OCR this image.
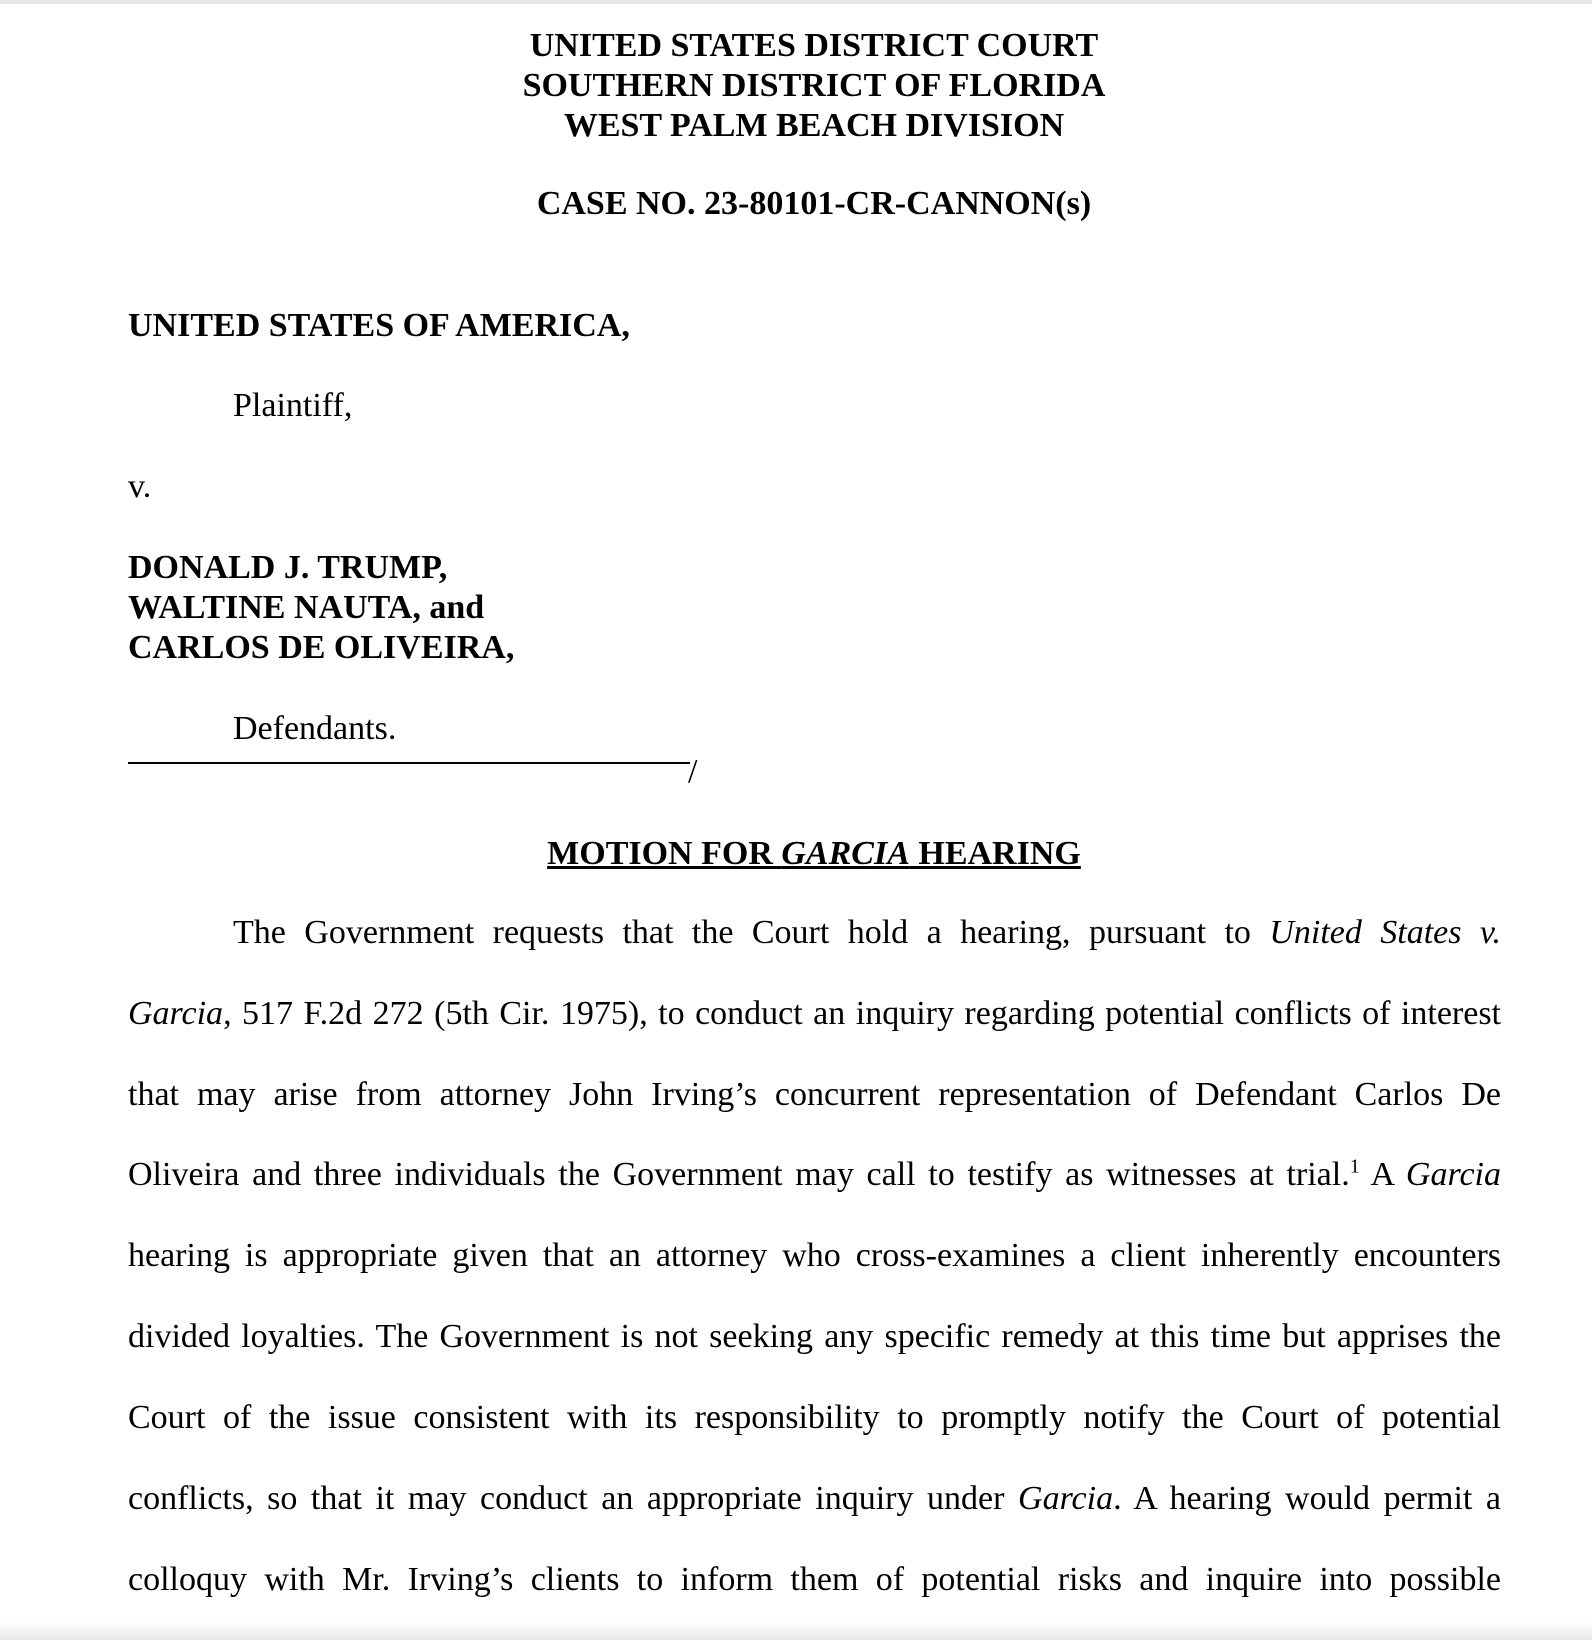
UNITED STATES DISTRICT COURT
SOUTHERN DISTRICT OF FLORIDA
WEST PALM BEACH DIVISION
CASE NO. 23-80101-CR-CANNON(s)
UNITED STATES OF AMERICA,
Plaintiff,
v.
DONALD J. TRUMP,
WALTINE NAUTA, and
CARLOS DE OLIVEIRA,
Defendants.
/
MOTION FOR GARCIA HEARING
The Government requests that the Court hold a hearing, pursuant to United States v.
Garcia, 517 F.2d 272 (5th Cir. 1975), to conduct an inquiry regarding potential conflicts of interest
that may arise from attorney John Irving’s concurrent representation of Defendant Carlos De
Oliveira and three individuals the Government may call to testify as witnesses at trial.$^1$ A Garcia
hearing is appropriate given that an attorney who cross-examines a client inherently encounters
divided loyalties. The Government is not seeking any specific remedy at this time but apprises the
Court of the issue consistent with its responsibility to promptly notify the Court of potential
conflicts, so that it may conduct an appropriate inquiry under Garcia. A hearing would permit a
colloquy with Mr. Irving’s clients to inform them of potential risks and inquire into possible
